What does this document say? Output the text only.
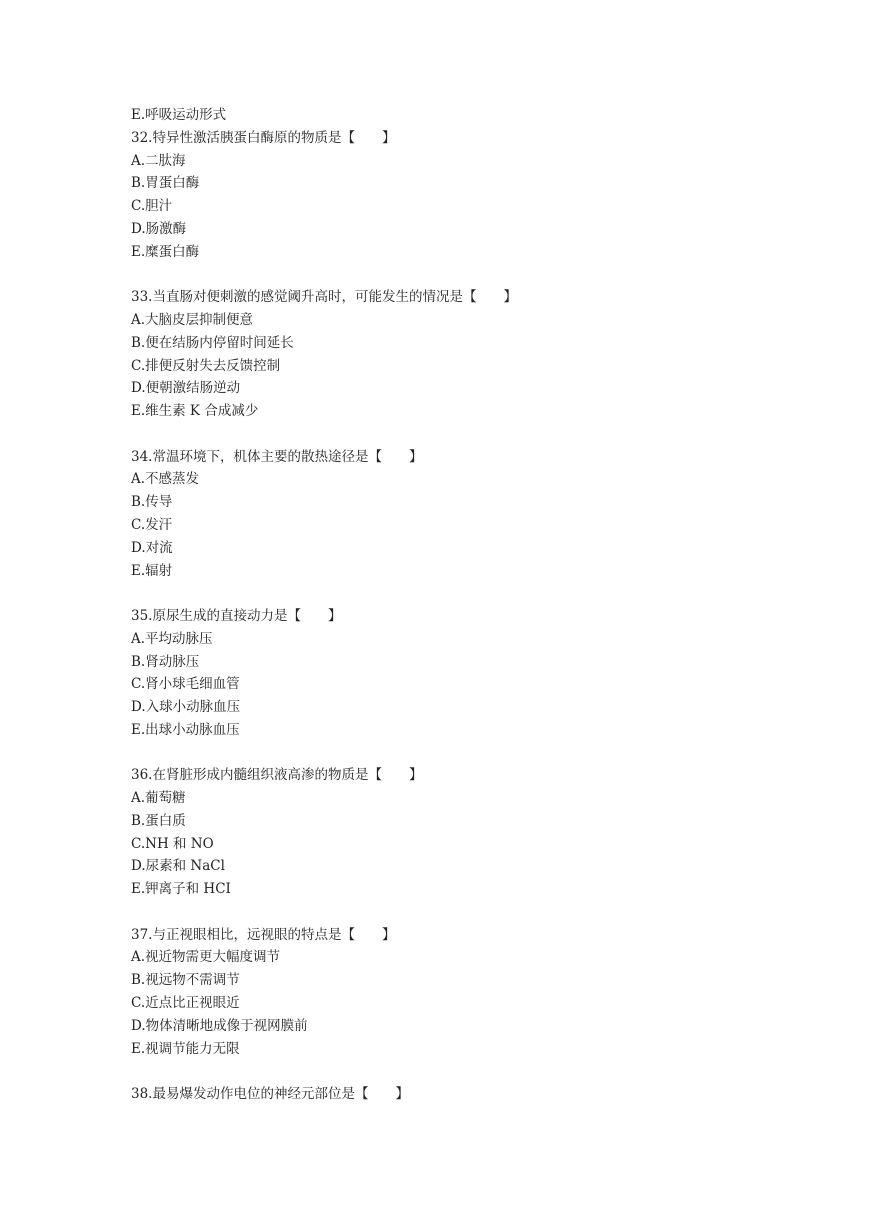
E.呼吸运动形式
32.特异性激活胰蛋白酶原的物质是【　　】
A.二肽海
B.胃蛋白酶
C.胆汁
D.肠激酶
E.糜蛋白酶
33.当直肠对便刺激的感觉阈升高时，可能发生的情况是【　　】
A.大脑皮层抑制便意
B.便在结肠内停留时间延长
C.排便反射失去反馈控制
D.便朝激结肠逆动
E.维生素 K 合成减少
34.常温环境下，机体主要的散热途径是【　　】
A.不感蒸发
B.传导
C.发汗
D.对流
E.辐射
35.原尿生成的直接动力是【　　】
A.平均动脉压
B.肾动脉压
C.肾小球毛细血管
D.入球小动脉血压
E.出球小动脉血压
36.在肾脏形成内髓组织液高渗的物质是【　　】
A.葡萄糖
B.蛋白质
C.NH 和 NO
D.尿素和 NaCl
E.钾离子和 HCI
37.与正视眼相比，远视眼的特点是【　　】
A.视近物需更大幅度调节
B.视远物不需调节
C.近点比正视眼近
D.物体清晰地成像于视网膜前
E.视调节能力无限
38.最易爆发动作电位的神经元部位是【　　】
